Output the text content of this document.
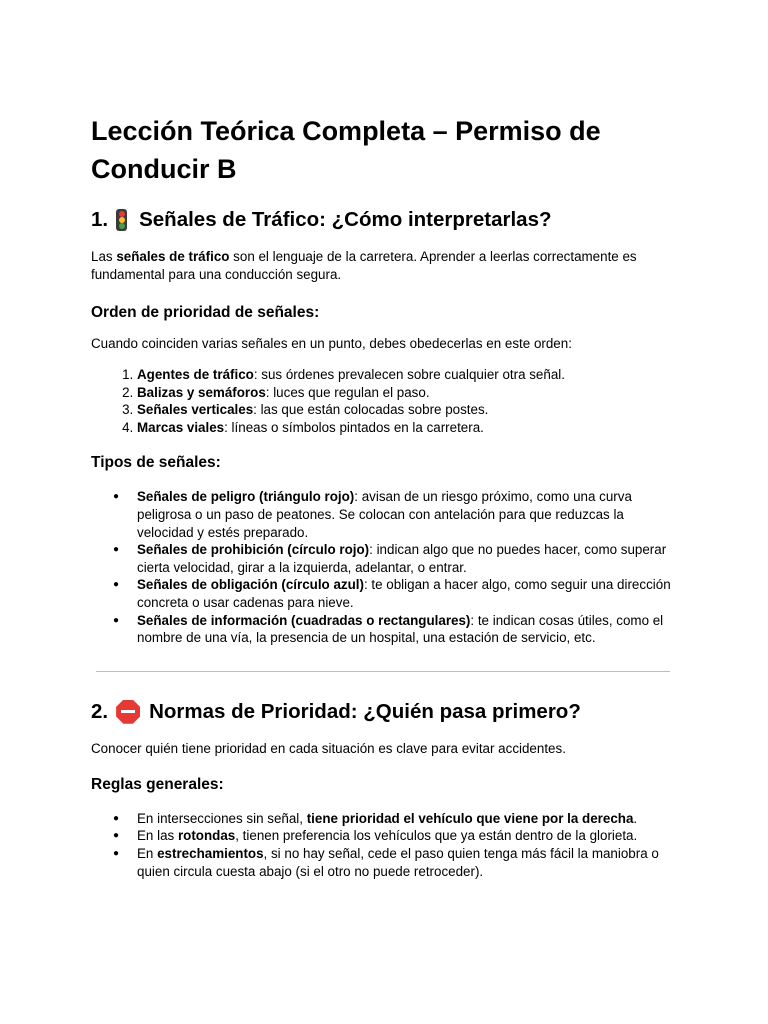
Lección Teórica Completa – Permiso de Conducir B
1. Señales de Tráfico: ¿Cómo interpretarlas?

Las señales de tráfico son el lenguaje de la carretera. Aprender a leerlas correctamente es fundamental para una conducción segura.

Orden de prioridad de señales:

Cuando coinciden varias señales en un punto, debes obedecerlas en este orden:

1. Agentes de tráfico: sus órdenes prevalecen sobre cualquier otra señal.
2. Balizas y semáforos: luces que regulan el paso.
3. Señales verticales: las que están colocadas sobre postes.
4. Marcas viales: líneas o símbolos pintados en la carretera.
Tipos de señales:
● Señales de peligro (triángulo rojo): avisan de un riesgo próximo, como una curva peligrosa o un paso de peatones. Se colocan con antelación para que reduzcas la velocidad y estés preparado.
● Señales de prohibición (círculo rojo): indican algo que no puedes hacer, como superar cierta velocidad, girar a la izquierda, adelantar, o entrar.
● Señales de obligación (círculo azul): te obligan a hacer algo, como seguir una dirección concreta o usar cadenas para nieve.
● Señales de información (cuadradas o rectangulares): te indican cosas útiles, como el nombre de una vía, la presencia de un hospital, una estación de servicio, etc.
2. Normas de Prioridad: ¿Quién pasa primero?

Conocer quién tiene prioridad en cada situación es clave para evitar accidentes.

Reglas generales:
● En intersecciones sin señal, tiene prioridad el vehículo que viene por la derecha.
● En las rotondas, tienen preferencia los vehículos que ya están dentro de la glorieta.
● En estrechamientos, si no hay señal, cede el paso quien tenga más fácil la maniobra o quien circula cuesta abajo (si el otro no puede retroceder).
